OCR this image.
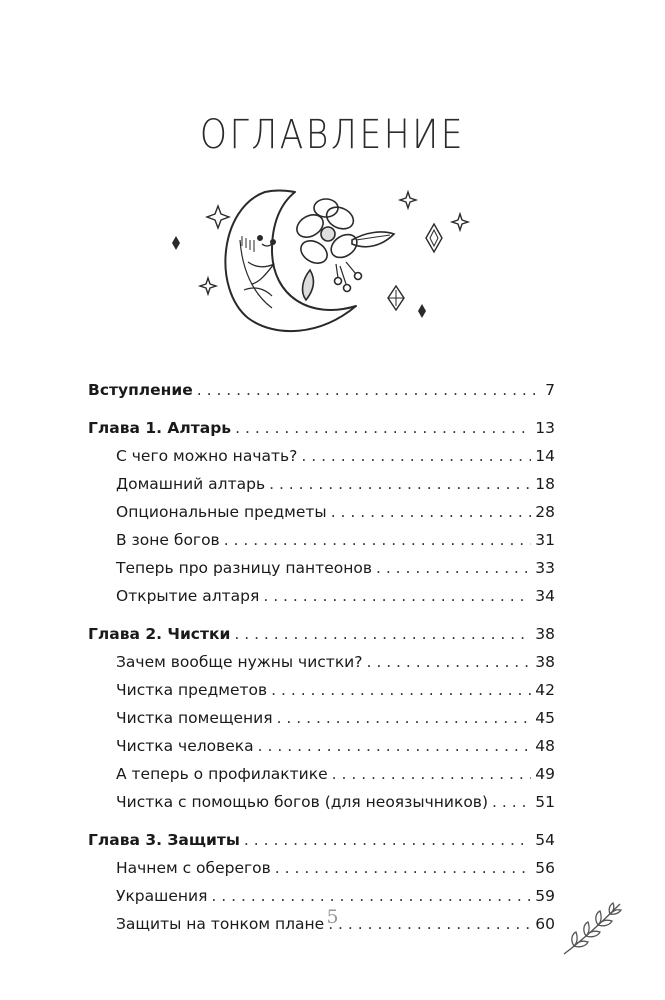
ОГЛАВЛЕНИЕ
Вступление . . .	7
Глава 1. Алтарь . . .	13
С чего можно начать? . . .	14
Домашний алтарь . . .	18
Опциональные предметы . . .	28
В зоне богов . . .	31
Теперь про разницу пантеонов . . .	33
Открытие алтаря . . .	34
Глава 2. Чистки . . .	38
Зачем вообще нужны чистки? . . .	38
Чистка предметов . . .	42
Чистка помещения . . .	45
Чистка человека . . .	48
А теперь о профилактике . . .	49
Чистка с помощью богов (для неоязычников) . . .	51
Глава 3. Защиты . . .	54
Начнем с оберегов . . .	56
Украшения . . .	59
Защиты на тонком плане . . .	60
5
